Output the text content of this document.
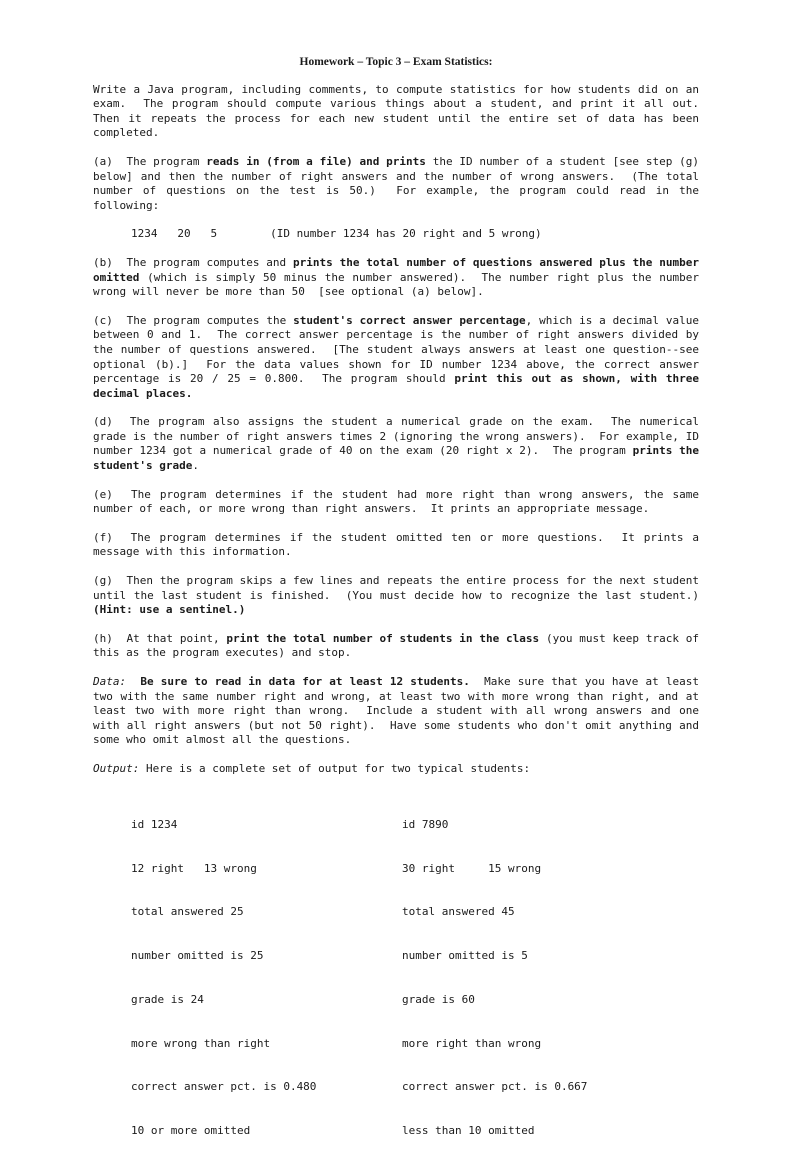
Homework – Topic 3 – Exam Statistics:

Write a Java program, including comments, to compute statistics for how students did on an exam.  The program should compute various things about a student, and print it all out.  Then it repeats the process for each new student until the entire set of data has been completed.

(a)  The program reads in (from a file) and prints the ID number of a student [see step (g) below] and then the number of right answers and the number of wrong answers.  (The total number of questions on the test is 50.)  For example, the program could read in the following:

1234   20   5        (ID number 1234 has 20 right and 5 wrong)

(b)  The program computes and prints the total number of questions answered plus the number omitted (which is simply 50 minus the number answered).  The number right plus the number wrong will never be more than 50  [see optional (a) below].

(c)  The program computes the student's correct answer percentage, which is a decimal value between 0 and 1.  The correct answer percentage is the number of right answers divided by the number of questions answered.  [The student always answers at least one question--see optional (b).]  For the data values shown for ID number 1234 above, the correct answer percentage is 20 / 25 = 0.800.  The program should print this out as shown, with three decimal places.

(d)  The program also assigns the student a numerical grade on the exam.  The numerical grade is the number of right answers times 2 (ignoring the wrong answers).  For example, ID number 1234 got a numerical grade of 40 on the exam (20 right x 2).  The program prints the student's grade.

(e)  The program determines if the student had more right than wrong answers, the same number of each, or more wrong than right answers.  It prints an appropriate message.

(f)  The program determines if the student omitted ten or more questions.  It prints a message with this information.

(g)  Then the program skips a few lines and repeats the entire process for the next student until the last student is finished.  (You must decide how to recognize the last student.) (Hint: use a sentinel.)

(h)  At that point, print the total number of students in the class (you must keep track of this as the program executes) and stop.

Data:  Be sure to read in data for at least 12 students.  Make sure that you have at least two with the same number right and wrong, at least two with more wrong than right, and at least two with more right than wrong.  Include a student with all wrong answers and one with all right answers (but not 50 right).  Have some students who don't omit anything and some who omit almost all the questions.

Output: Here is a complete set of output for two typical students:

id 1234

12 right   13 wrong

total answered 25

number omitted is 25

grade is 24

more wrong than right

correct answer pct. is 0.480

10 or more omitted

id 7890

30 right     15 wrong

total answered 45

number omitted is 5

grade is 60

more right than wrong

correct answer pct. is 0.667

less than 10 omitted
